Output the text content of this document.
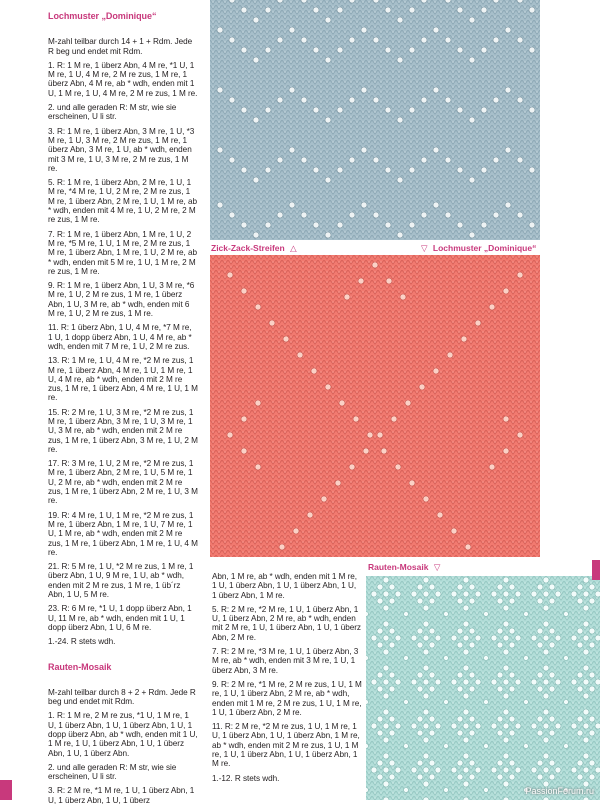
Lochmuster „Dominique“

M-zahl teilbar durch 14 + 1 + Rdm. Jede R beg und endet mit Rdm.

1. R: 1 M re, 1 überz Abn, 4 M re, *1 U, 1 M re, 1 U, 4 M re, 2 M re zus, 1 M re, 1 überz Abn, 4 M re, ab * wdh, enden mit 1 U, 1 M re, 1 U, 4 M re, 2 M re zus, 1 M re.

2. und alle geraden R: M str, wie sie erscheinen, U li str.

3. R: 1 M re, 1 überz Abn, 3 M re, 1 U, *3 M re, 1 U, 3 M re, 2 M re zus, 1 M re, 1 überz Abn, 3 M re, 1 U, ab * wdh, enden mit 3 M re, 1 U, 3 M re, 2 M re zus, 1 M re.

5. R: 1 M re, 1 überz Abn, 2 M re, 1 U, 1 M re, *4 M re, 1 U, 2 M re, 2 M re zus, 1 M re, 1 überz Abn, 2 M re, 1 U, 1 M re, ab * wdh, enden mit 4 M re, 1 U, 2 M re, 2 M re zus, 1 M re.

7. R: 1 M re, 1 überz Abn, 1 M re, 1 U, 2 M re, *5 M re, 1 U, 1 M re, 2 M re zus, 1 M re, 1 überz Abn, 1 M re, 1 U, 2 M re, ab * wdh, enden mit 5 M re, 1 U, 1 M re, 2 M re zus, 1 M re.

9. R: 1 M re, 1 überz Abn, 1 U, 3 M re, *6 M re, 1 U, 2 M re zus, 1 M re, 1 überz Abn, 1 U, 3 M re, ab * wdh, enden mit 6 M re, 1 U, 2 M re zus, 1 M re.

11. R: 1 überz Abn, 1 U, 4 M re, *7 M re, 1 U, 1 dopp überz Abn, 1 U, 4 M re, ab * wdh, enden mit 7 M re, 1 U, 2 M re zus.

13. R: 1 M re, 1 U, 4 M re, *2 M re zus, 1 M re, 1 überz Abn, 4 M re, 1 U, 1 M re, 1 U, 4 M re, ab * wdh, enden mit 2 M re zus, 1 M re, 1 überz Abn, 4 M re, 1 U, 1 M re.

15. R: 2 M re, 1 U, 3 M re, *2 M re zus, 1 M re, 1 überz Abn, 3 M re, 1 U, 3 M re, 1 U, 3 M re, ab * wdh, enden mit 2 M re zus, 1 M re, 1 überz Abn, 3 M re, 1 U, 2 M re.

17. R: 3 M re, 1 U, 2 M re, *2 M re zus, 1 M re, 1 überz Abn, 2 M re, 1 U, 5 M re, 1 U, 2 M re, ab * wdh, enden mit 2 M re zus, 1 M re, 1 überz Abn, 2 M re, 1 U, 3 M re.

19. R: 4 M re, 1 U, 1 M re, *2 M re zus, 1 M re, 1 überz Abn, 1 M re, 1 U, 7 M re, 1 U, 1 M re, ab * wdh, enden mit 2 M re zus, 1 M re, 1 überz Abn, 1 M re, 1 U, 4 M re.

21. R: 5 M re, 1 U, *2 M re zus, 1 M re, 1 überz Abn, 1 U, 9 M re, 1 U, ab * wdh, enden mit 2 M re zus, 1 M re, 1 üb´rz Abn, 1 U, 5 M re.

23. R: 6 M re, *1 U, 1 dopp überz Abn, 1 U, 11 M re, ab * wdh, enden mit 1 U, 1 dopp überz Abn, 1 U, 6 M re.

1.-24. R stets wdh.

Rauten-Mosaik

M-zahl teilbar durch 8 + 2 + Rdm. Jede R beg und endet mit Rdm.

1. R: 1 M re, 2 M re zus, *1 U, 1 M re, 1 U, 1 überz Abn, 1 U, 1 überz Abn, 1 U, 1 dopp überz Abn, ab * wdh, enden mit 1 U, 1 M re, 1 U, 1 überz Abn, 1 U, 1 überz Abn, 1 U, 1 überz Abn.

2. und alle geraden R: M str, wie sie erscheinen, U li str.

3. R: 2 M re, *1 M re, 1 U, 1 überz Abn, 1 U, 1 überz Abn, 1 U, 1 überz

Abn, 1 M re, ab * wdh, enden mit 1 M re, 1 U, 1 überz Abn, 1 U, 1 überz Abn, 1 U, 1 überz Abn, 1 M re.

5. R: 2 M re, *2 M re, 1 U, 1 überz Abn, 1 U, 1 überz Abn, 2 M re, ab * wdh, enden mit 2 M re, 1 U, 1 überz Abn, 1 U, 1 überz Abn, 2 M re.

7. R: 2 M re, *3 M re, 1 U, 1 überz Abn, 3 M re, ab * wdh, enden mit 3 M re, 1 U, 1 überz Abn, 3 M re.

9. R: 2 M re, *1 M re, 2 M re zus, 1 U, 1 M re, 1 U, 1 überz Abn, 2 M re, ab * wdh, enden mit 1 M re, 2 M re zus, 1 U, 1 M re, 1 U, 1 überz Abn, 2 M re.

11. R: 2 M re, *2 M re zus, 1 U, 1 M re, 1 U, 1 überz Abn, 1 U, 1 überz Abn, 1 M re, ab * wdh, enden mit 2 M re zus, 1 U, 1 M re, 1 U, 1 überz Abn, 1 U, 1 überz Abn, 1 M re.

1.-12. R stets wdh.

Zick-Zack-Streifen △	▽ Lochmuster „Dominique“
Rauten-Mosaik ▽
PassionForum.ru
